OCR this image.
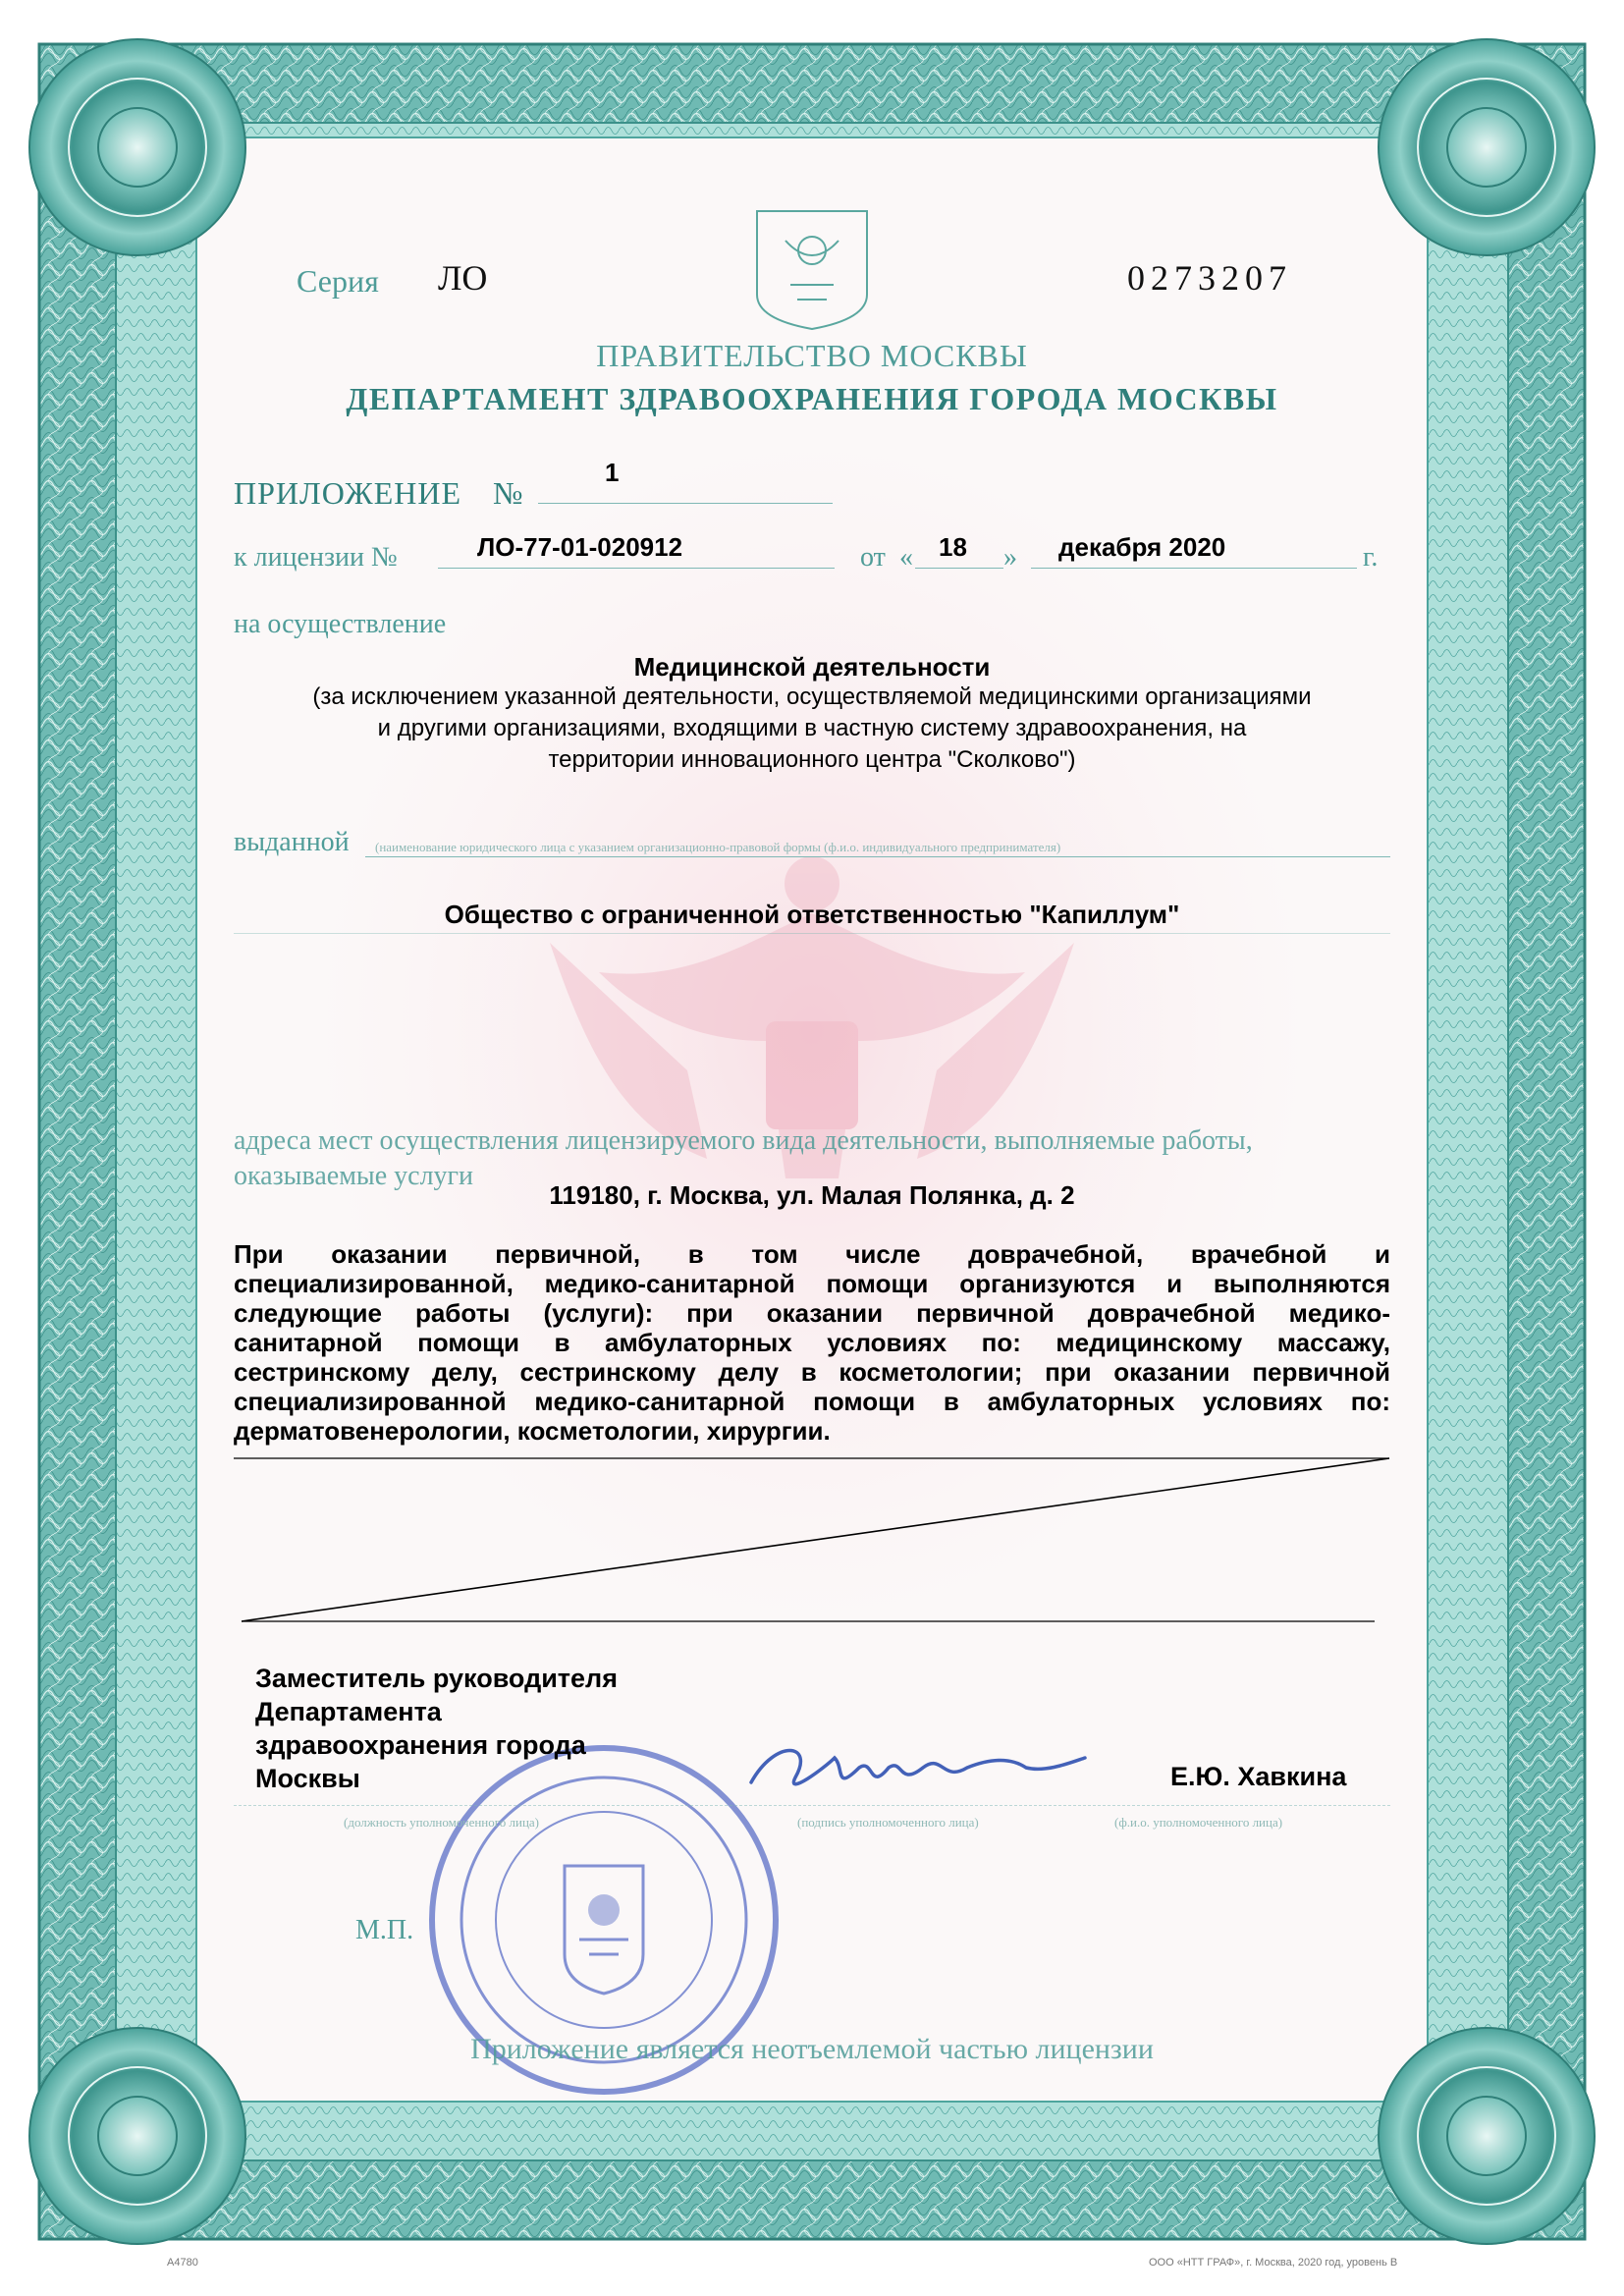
Серия ЛО	0273207
ПРАВИТЕЛЬСТВО МОСКВЫ
ДЕПАРТАМЕНТ ЗДРАВООХРАНЕНИЯ ГОРОДА МОСКВЫ
ПРИЛОЖЕНИЕ №
1
к лицензии №	ЛО-77-01-020912	от « 18 » декабря 2020	г.
на осуществление
Медицинской деятельности
(за исключением указанной деятельности, осуществляемой медицинскими организациями
и другими организациями, входящими в частную систему здравоохранения, на
территории инновационного центра "Сколково")
выданной (наименование юридического лица с указанием организационно-правовой формы (ф.и.о. индивидуального предпринимателя)
Общество с ограниченной ответственностью "Капиллум"
адреса мест осуществления лицензируемого вида деятельности, выполняемые работы,
оказываемые услуги
119180, г. Москва, ул. Малая Полянка, д. 2
При оказании первичной, в том числе доврачебной, врачебной и
специализированной, медико-санитарной помощи организуются и выполняются
следующие работы (услуги): при оказании первичной доврачебной медико-
санитарной помощи в амбулаторных условиях по: медицинскому массажу,
сестринскому делу, сестринскому делу в косметологии; при оказании первичной
специализированной медико-санитарной помощи в амбулаторных условиях по:
дерматовенерологии, косметологии, хирургии.
Заместитель руководителя
Департамента
здравоохранения города
Москвы	Е.Ю. Хавкина
(должность уполномоченного лица)	(подпись уполномоченного лица)	(ф.и.о. уполномоченного лица)
М.П.
Приложение является неотъемлемой частью лицензии
А4780	ООО «НТТ ГРАФ», г. Москва, 2020 год, уровень В
